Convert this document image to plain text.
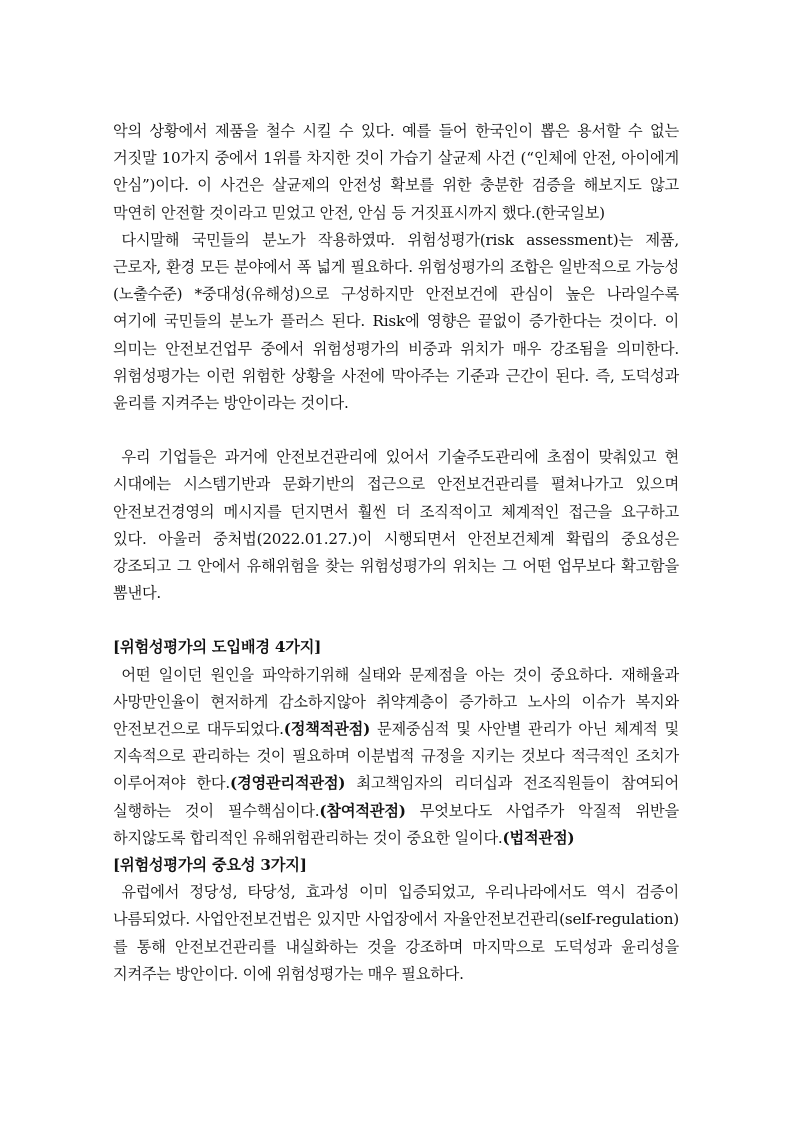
악의 상황에서 제품을 철수 시킬 수 있다. 예를 들어 한국인이 뽑은 용서할 수 없는 거짓말 10가지 중에서 1위를 차지한 것이 가습기 살균제 사건 (“인체에 안전, 아이에게 안심”)이다. 이 사건은 살균제의 안전성 확보를 위한 충분한 검증을 해보지도 않고 막연히 안전할 것이라고 믿었고 안전, 안심 등 거짓표시까지 했다.(한국일보)

다시말해 국민들의 분노가 작용하였따. 위험성평가(risk assessment)는 제품, 근로자, 환경 모든 분야에서 폭 넓게 필요하다. 위험성평가의 조합은 일반적으로 가능성(노출수준) *중대성(유해성)으로 구성하지만 안전보건에 관심이 높은 나라일수록 여기에 국민들의 분노가 플러스 된다. Risk에 영향은 끝없이 증가한다는 것이다. 이 의미는 안전보건업무 중에서 위험성평가의 비중과 위치가 매우 강조됨을 의미한다. 위험성평가는 이런 위험한 상황을 사전에 막아주는 기준과 근간이 된다. 즉, 도덕성과 윤리를 지켜주는 방안이라는 것이다.

우리 기업들은 과거에 안전보건관리에 있어서 기술주도관리에 초점이 맞춰있고 현 시대에는 시스템기반과 문화기반의 접근으로 안전보건관리를 펼쳐나가고 있으며 안전보건경영의 메시지를 던지면서 훨씬 더 조직적이고 체계적인 접근을 요구하고 있다. 아울러 중처법(2022.01.27.)이 시행되면서 안전보건체계 확립의 중요성은 강조되고 그 안에서 유해위험을 찾는 위험성평가의 위치는 그 어떤 업무보다 확고함을 뽐낸다.

[위험성평가의 도입배경 4가지]

어떤 일이던 원인을 파악하기위해 실태와 문제점을 아는 것이 중요하다. 재해율과 사망만인율이 현저하게 감소하지않아 취약계층이 증가하고 노사의 이슈가 복지와 안전보건으로 대두되었다.(정책적관점) 문제중심적 및 사안별 관리가 아닌 체계적 및 지속적으로 관리하는 것이 필요하며 이분법적 규정을 지키는 것보다 적극적인 조치가 이루어져야 한다.(경영관리적관점) 최고책임자의 리더십과 전조직원들이 참여되어 실행하는 것이 필수핵심이다.(참여적관점) 무엇보다도 사업주가 악질적 위반을 하지않도록 합리적인 유해위험관리하는 것이 중요한 일이다.(법적관점)

[위험성평가의 중요성 3가지]

유럽에서 정당성, 타당성, 효과성 이미 입증되었고, 우리나라에서도 역시 검증이 나름되었다. 사업안전보건법은 있지만 사업장에서 자율안전보건관리(self-regulation)를 통해 안전보건관리를 내실화하는 것을 강조하며 마지막으로 도덕성과 윤리성을 지켜주는 방안이다. 이에 위험성평가는 매우 필요하다.
